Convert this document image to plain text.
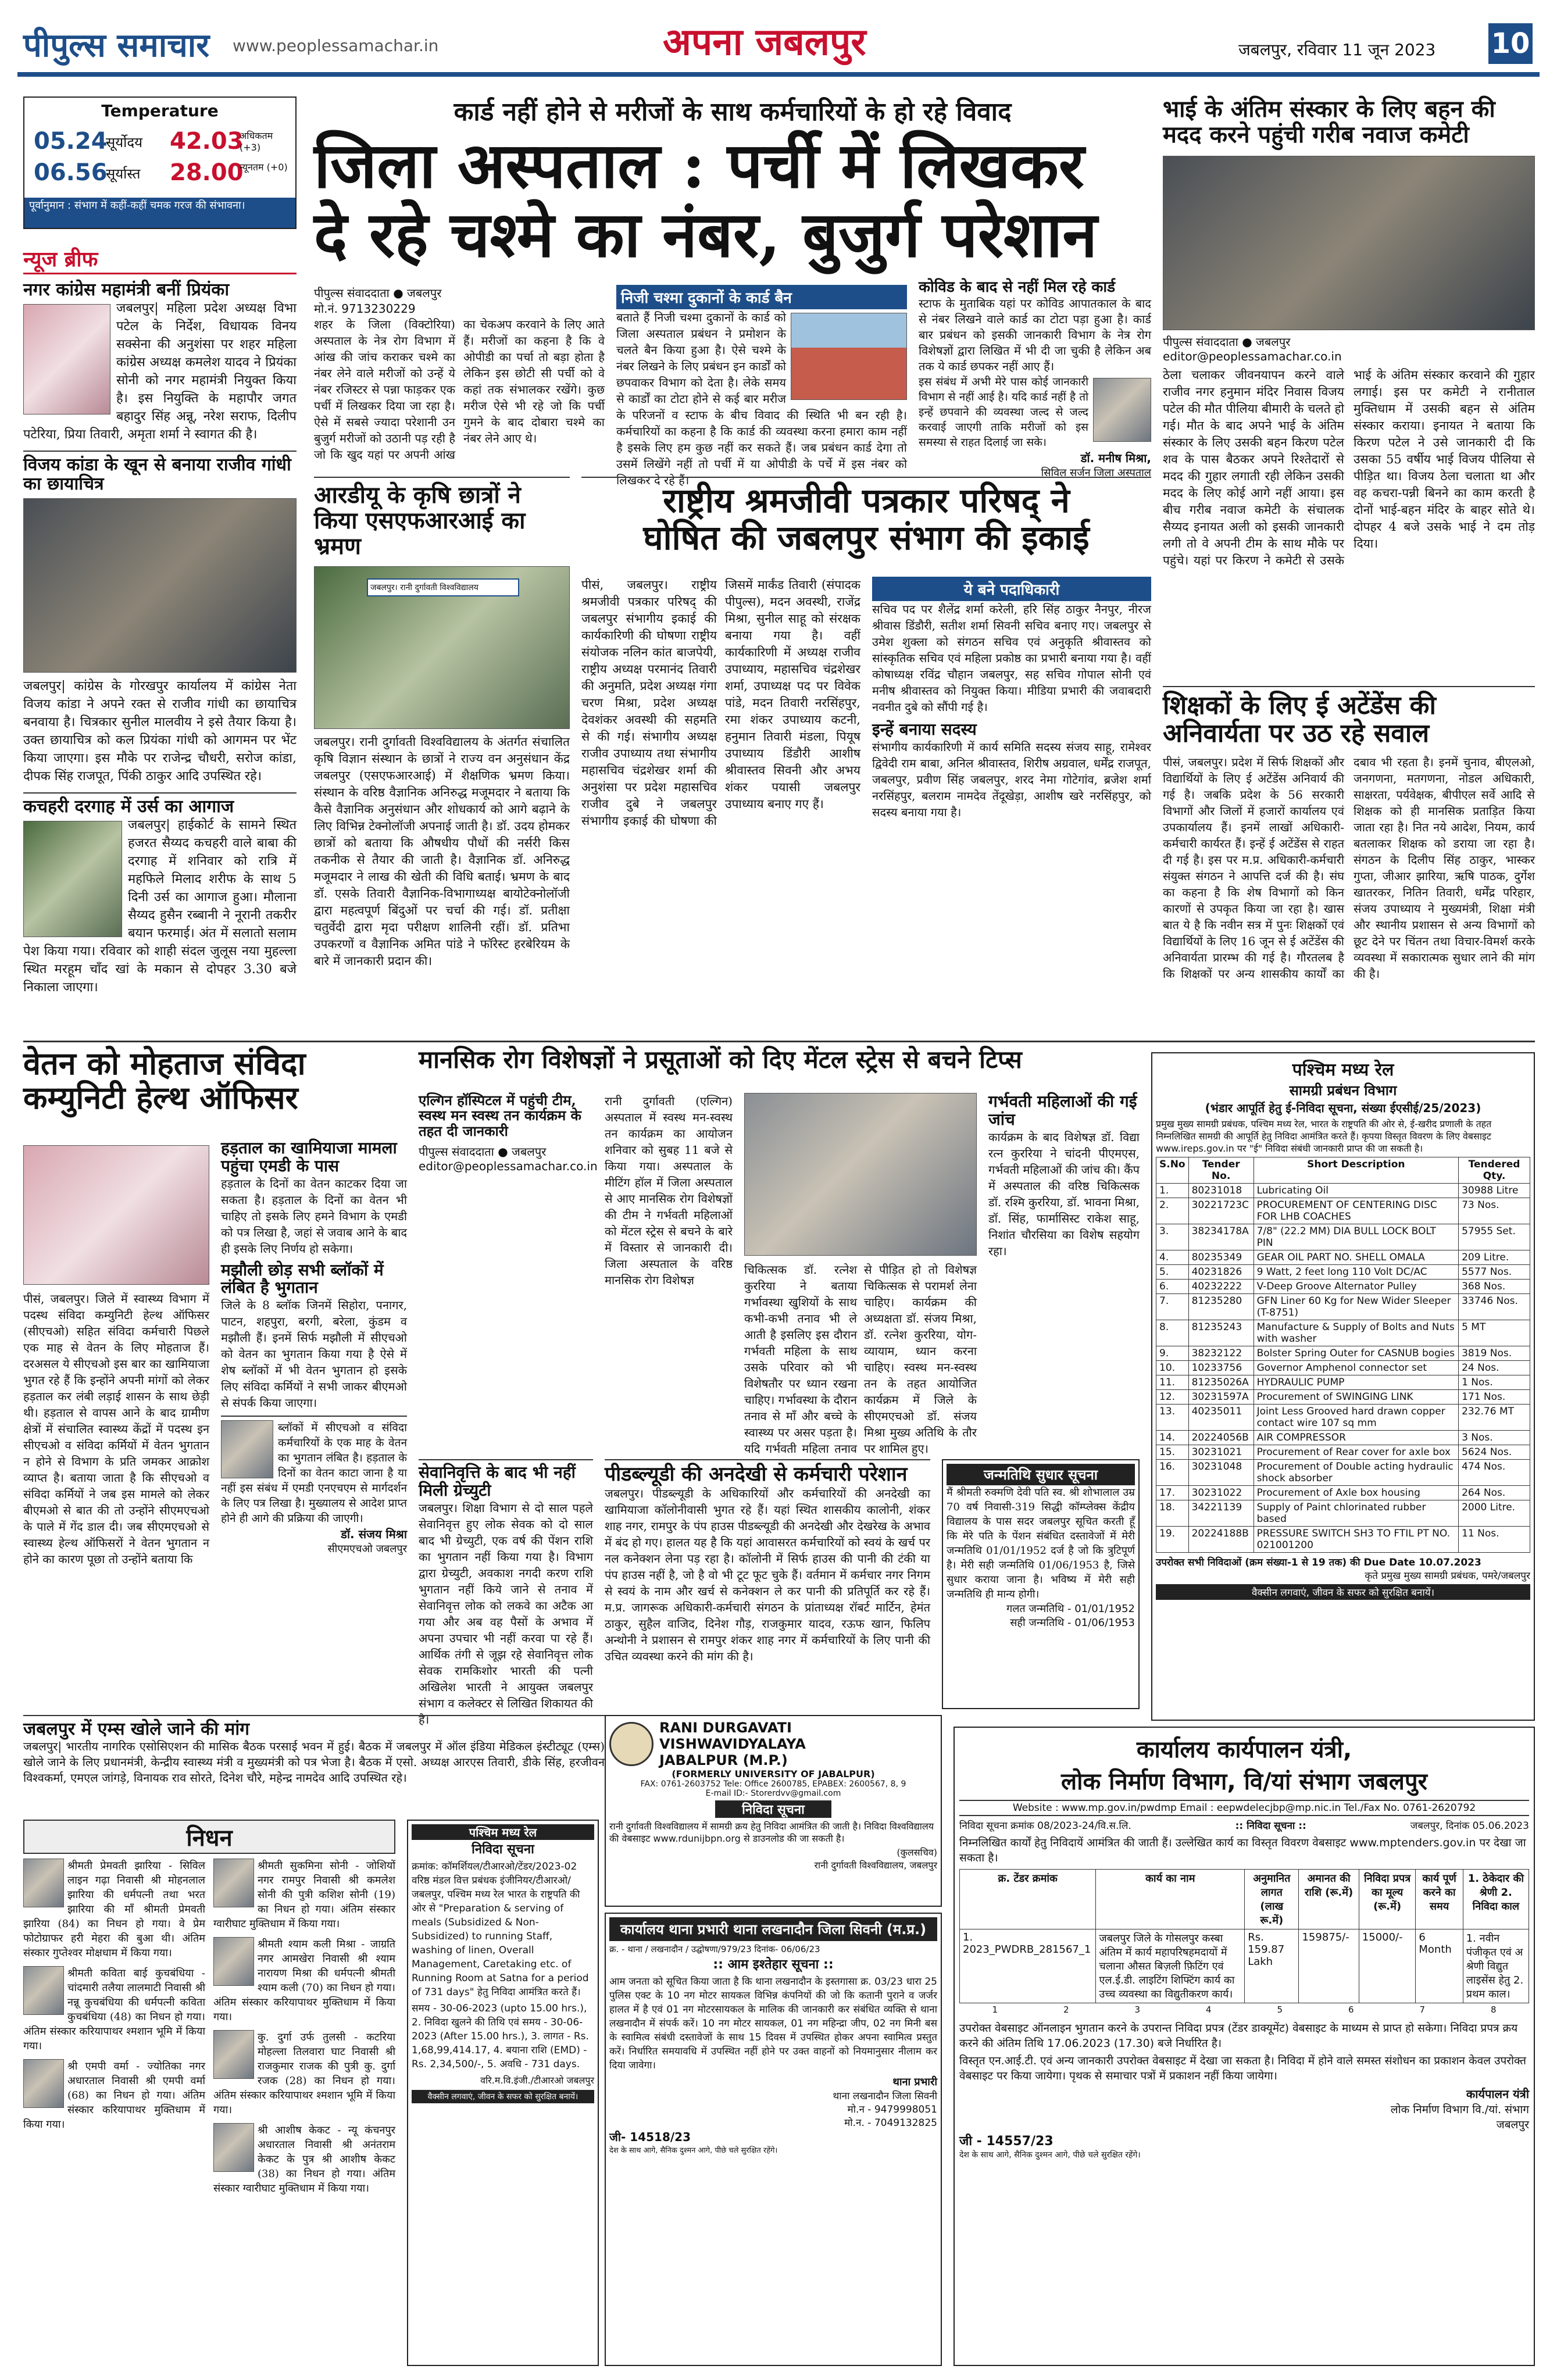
पीपुल्स समाचार www.peoplessamachar.in	अपना जबलपुर	जबलपुर, रविवार 11 जून 2023 10
Temperature
05.24
सूर्योदय
06.56
सूर्यास्त
42.03
अधिकतम (+3)
28.00
न्यूनतम (+0)
पूर्वानुमान : संभाग में कहीं-कहीं चमक गरज की संभावना।
न्यूज ब्रीफ
नगर कांग्रेस महामंत्री बनीं प्रियंका

जबलपुर| महिला प्रदेश अध्यक्ष विभा पटेल के निर्देश, विधायक विनय सक्सेना की अनुशंसा पर शहर महिला कांग्रेस अध्यक्ष कमलेश यादव ने प्रियंका सोनी को नगर महामंत्री नियुक्त किया है। इस नियुक्ति के महापौर जगत बहादुर सिंह अन्नू, नरेश सराफ, दिलीप पटेरिया, प्रिया तिवारी, अमृता शर्मा ने स्वागत की है।

विजय कांडा के खून से बनाया राजीव गांधी का छायाचित्र

जबलपुर| कांग्रेस के गोरखपुर कार्यालय में कांग्रेस नेता विजय कांडा ने अपने रक्त से राजीव गांधी का छायाचित्र बनवाया है। चित्रकार सुनील मालवीय ने इसे तैयार किया है। उक्त छायाचित्र को कल प्रियंका गांधी को आगमन पर भेंट किया जाएगा। इस मौके पर राजेन्द्र चौधरी, सरोज कांडा, दीपक सिंह राजपूत, पिंकी ठाकुर आदि उपस्थित रहे।

कचहरी दरगाह में उर्स का आगाज

जबलपुर| हाईकोर्ट के सामने स्थित हजरत सैय्यद कचहरी वाले बाबा की दरगाह में शनिवार को रात्रि में महफिले मिलाद शरीफ के साथ 5 दिनी उर्स का आगाज हुआ। मौलाना सैय्यद हुसैन रब्बानी ने नूरानी तकरीर बयान फरमाई। अंत में सलातो सलाम पेश किया गया। रविवार को शाही संदल जुलूस नया मुहल्ला स्थित मरहूम चाँद खां के मकान से दोपहर 3.30 बजे निकाला जाएगा।

कार्ड नहीं होने से मरीजों के साथ कर्मचारियों के हो रहे विवाद
जिला अस्पताल : पर्ची में लिखकर
दे रहे चश्मे का नंबर, बुजुर्ग परेशान
पीपुल्स संवाददाता ● जबलपुर
मो.नं. 9713230229

शहर के जिला (विक्टोरिया) अस्पताल के नेत्र रोग विभाग में आंख की जांच कराकर चश्मे का नंबर लेने वाले मरीजों को उन्हें ये नंबर रजिस्टर से पन्ना फाड़कर एक पर्ची में लिखकर दिया जा रहा है। ऐसे में सबसे ज्यादा परेशानी उन बुजुर्ग मरीजों को उठानी पड़ रही है जो कि खुद यहां पर अपनी आंख का चेकअप करवाने के लिए आते हैं। मरीजों का कहना है कि वे ओपीडी का पर्चा तो बड़ा होता है लेकिन इस छोटी सी पर्ची को वे कहां तक संभालकर रखेंगे। कुछ मरीज ऐसे भी रहे जो कि पर्ची गुमने के बाद दोबारा चश्मे का नंबर लेने आए थे।

निजी चश्मा दुकानों के कार्ड बैन

बताते हैं निजी चश्मा दुकानों के कार्ड को जिला अस्पताल प्रबंधन ने प्रमोशन के चलते बैन किया हुआ है। ऐसे चश्मे के नंबर लिखने के लिए प्रबंधन इन कार्डों को छपवाकर विभाग को देता है। लेके समय से कार्डों का टोटा होने से कई बार मरीज के परिजनों व स्टाफ के बीच विवाद की स्थिति भी बन रही है। कर्मचारियों का कहना है कि कार्ड की व्यवस्था करना हमारा काम नहीं है इसके लिए हम कुछ नहीं कर सकते हैं। जब प्रबंधन कार्ड देगा तो उसमें लिखेंगे नहीं तो पर्ची में या ओपीडी के पर्चे में इस नंबर को लिखकर दे रहे हैं।

कोविड के बाद से नहीं मिल रहे कार्ड

स्टाफ के मुताबिक यहां पर कोविड आपातकाल के बाद से नंबर लिखने वाले कार्ड का टोटा पड़ा हुआ है। कार्ड बार प्रबंधन को इसकी जानकारी विभाग के नेत्र रोग विशेषज्ञों द्वारा लिखित में भी दी जा चुकी है लेकिन अब तक ये कार्ड छपकर नहीं आए हैं।

इस संबंध में अभी मेरे पास कोई जानकारी विभाग से नहीं आई है। यदि कार्ड नहीं है तो इन्हें छपवाने की व्यवस्था जल्द से जल्द करवाई जाएगी ताकि मरीजों को इस समस्या से राहत दिलाई जा सके।

डॉ. मनीष मिश्रा,
सिविल सर्जन जिला अस्पताल
भाई के अंतिम संस्कार के लिए बहन की मदद करने पहुंची गरीब नवाज कमेटी
पीपुल्स संवाददाता ● जबलपुर
editor@peoplessamachar.co.in

ठेला चलाकर जीवनयापन करने वाले राजीव नगर हनुमान मंदिर निवास विजय पटेल की मौत पीलिया बीमारी के चलते हो गई। मौत के बाद अपने भाई के अंतिम संस्कार के लिए उसकी बहन किरण पटेल शव के पास बैठकर अपने रिश्तेदारों से मदद की गुहार लगाती रही लेकिन उसकी मदद के लिए कोई आगे नहीं आया। इस बीच गरीब नवाज कमेटी के संचालक सैय्यद इनायत अली को इसकी जानकारी लगी तो वे अपनी टीम के साथ मौके पर पहुंचे। यहां पर किरण ने कमेटी से उसके भाई के अंतिम संस्कार करवाने की गुहार लगाई। इस पर कमेटी ने रानीताल मुक्तिधाम में उसकी बहन से अंतिम संस्कार कराया। इनायत ने बताया कि किरण पटेल ने उसे जानकारी दी कि उसका 55 वर्षीय भाई विजय पीलिया से पीड़ित था। विजय ठेला चलाता था और वह कचरा-पन्नी बिनने का काम करती है दोनों भाई-बहन मंदिर के बाहर सोते थे। दोपहर 4 बजे उसके भाई ने दम तोड़ दिया।

आरडीयू के कृषि छात्रों ने किया एसएफआरआई का भ्रमण
जबलपुर। रानी दुर्गावती विश्वविद्यालय

जबलपुर। रानी दुर्गावती विश्वविद्यालय के अंतर्गत संचालित कृषि विज्ञान संस्थान के छात्रों ने राज्य वन अनुसंधान केंद्र जबलपुर (एसएफआरआई) में शैक्षणिक भ्रमण किया। संस्थान के वरिष्ठ वैज्ञानिक अनिरुद्ध मजूमदार ने बताया कि कैसे वैज्ञानिक अनुसंधान और शोधकार्य को आगे बढ़ाने के लिए विभिन्न टेक्नोलॉजी अपनाई जाती है। डॉ. उदय होमकर छात्रों को बताया कि औषधीय पौधों की नर्सरी किस तकनीक से तैयार की जाती है। वैज्ञानिक डॉ. अनिरुद्ध मजूमदार ने लाख की खेती की विधि बताई। भ्रमण के बाद डॉ. एसके तिवारी वैज्ञानिक-विभागाध्यक्ष बायोटेक्नोलॉजी द्वारा महत्वपूर्ण बिंदुओं पर चर्चा की गई। डॉ. प्रतीक्षा चतुर्वेदी द्वारा मृदा परीक्षण शालिनी रहीं। डॉ. प्रतिभा उपकरणों व वैज्ञानिक अमित पांडे ने फॉरेस्ट हरबेरियम के बारे में जानकारी प्रदान की।

राष्ट्रीय श्रमजीवी पत्रकार परिषद् ने
घोषित की जबलपुर संभाग की इकाई

पीसं, जबलपुर। राष्ट्रीय श्रमजीवी पत्रकार परिषद् की जबलपुर संभागीय इकाई की कार्यकारिणी की घोषणा राष्ट्रीय संयोजक नलिन कांत बाजपेयी, राष्ट्रीय अध्यक्ष परमानंद तिवारी की अनुमति, प्रदेश अध्यक्ष गंगा चरण मिश्रा, प्रदेश अध्यक्ष देवशंकर अवस्थी की सहमति से की गई। संभागीय अध्यक्ष राजीव उपाध्याय तथा संभागीय महासचिव चंद्रशेखर शर्मा की अनुशंसा पर प्रदेश महासचिव राजीव दुबे ने जबलपुर संभागीय इकाई की घोषणा की जिसमें मार्कंड तिवारी (संपादक पीपुल्स), मदन अवस्थी, राजेंद्र मिश्रा, सुनील साहू को संरक्षक बनाया गया है। वहीं कार्यकारिणी में अध्यक्ष राजीव उपाध्याय, महासचिव चंद्रशेखर शर्मा, उपाध्यक्ष पद पर विवेक पांडे, मदन तिवारी नरसिंहपुर, रमा शंकर उपाध्याय कटनी, हनुमान तिवारी मंडला, पियूष उपाध्याय डिंडौरी आशीष श्रीवास्तव सिवनी और अभय शंकर पयासी जबलपुर उपाध्याय बनाए गए हैं।

ये बने पदाधिकारी

सचिव पद पर शैलेंद्र शर्मा करेली, हरि सिंह ठाकुर नैनपुर, नीरज श्रीवास डिंडौरी, सतीश शर्मा सिवनी सचिव बनाए गए। जबलपुर से उमेश शुक्ला को संगठन सचिव एवं अनुकृति श्रीवास्तव को सांस्कृतिक सचिव एवं महिला प्रकोष्ठ का प्रभारी बनाया गया है। वहीं कोषाध्यक्ष रविंद्र चौहान जबलपुर, सह सचिव गोपाल सोनी एवं मनीष श्रीवास्तव को नियुक्त किया। मीडिया प्रभारी की जवाबदारी नवनीत दुबे को सौंपी गई है।

इन्हें बनाया सदस्य

संभागीय कार्यकारिणी में कार्य समिति सदस्य संजय साहू, रामेश्वर द्विवेदी राम बाबा, अनिल श्रीवास्तव, शिरीष अग्रवाल, धर्मेंद्र राजपूत, जबलपुर, प्रवीण सिंह जबलपुर, शरद नेमा गोटेगांव, ब्रजेश शर्मा नरसिंहपुर, बलराम नामदेव तेंदूखेड़ा, आशीष खरे नरसिंहपुर, को सदस्य बनाया गया है।

शिक्षकों के लिए ई अटेंडेंस की अनिवार्यता पर उठ रहे सवाल

पीसं, जबलपुर। प्रदेश में सिर्फ शिक्षकों और विद्यार्थियों के लिए ई अटेंडेंस अनिवार्य की गई है। जबकि प्रदेश के 56 सरकारी विभागों और जिलों में हजारों कार्यालय एवं उपकार्यालय हैं। इनमें लाखों अधिकारी-कर्मचारी कार्यरत हैं। इन्हें ई अटेंडेंस से राहत दी गई है। इस पर म.प्र. अधिकारी-कर्मचारी संयुक्त संगठन ने आपत्ति दर्ज की है। संघ का कहना है कि शेष विभागों को किन कारणों से उपकृत किया जा रहा है। खास बात ये है कि नवीन सत्र में पुनः शिक्षकों एवं विद्यार्थियों के लिए 16 जून से ई अटेंडेंस की अनिवार्यता प्रारम्भ की गई है। गौरतलब है कि शिक्षकों पर अन्य शासकीय कार्यों का दबाव भी रहता है। इनमें चुनाव, बीएलओ, जनगणना, मतगणना, नोडल अधिकारी, साक्षरता, पर्यवेक्षक, बीपीएल सर्वे आदि से शिक्षक को ही मानसिक प्रताड़ित किया जाता रहा है। नित नये आदेश, नियम, कार्य बतलाकर शिक्षक को डराया जा रहा है। संगठन के दिलीप सिंह ठाकुर, भास्कर गुप्ता, जीआर झारिया, ऋषि पाठक, दुर्गेश खातरकर, नितिन तिवारी, धर्मेंद्र परिहार, संजय उपाध्याय ने मुख्यमंत्री, शिक्षा मंत्री और स्थानीय प्रशासन से अन्य विभागों को छूट देने पर चिंतन तथा विचार-विमर्श करके व्यवस्था में सकारात्मक सुधार लाने की मांग की है।

वेतन को मोहताज संविदा कम्युनिटी हेल्थ ऑफिसर
हड़ताल का खामियाजा मामला पहुंचा एमडी के पास

हड़ताल के दिनों का वेतन काटकर दिया जा सकता है। हड़ताल के दिनों का वेतन भी चाहिए तो इसके लिए हमने विभाग के एमडी को पत्र लिखा है, जहां से जवाब आने के बाद ही इसके लिए निर्णय हो सकेगा।

मझौली छोड़ सभी ब्लॉकों में लंबित है भुगतान

जिले के 8 ब्लॉक जिनमें सिहोरा, पनागर, पाटन, शहपुरा, बरगी, बरेला, कुंडम व मझौली हैं। इनमें सिर्फ मझौली में सीएचओ को वेतन का भुगतान किया गया है ऐसे में शेष ब्लॉकों में भी वेतन भुगतान हो इसके लिए संविदा कर्मियों ने सभी जाकर बीएमओ से संपर्क किया जाएगा।

ब्लॉकों में सीएचओ व संविदा कर्मचारियों के एक माह के वेतन का भुगतान लंबित है। हड़ताल के दिनों का वेतन काटा जाना है या नहीं इस संबंध में एमडी एनएचएम से मार्गदर्शन के लिए पत्र लिखा है। मुख्यालय से आदेश प्राप्त होने ही आगे की प्रक्रिया की जाएगी।

डॉ. संजय मिश्रा
सीएमएचओ जबलपुर

पीसं, जबलपुर। जिले में स्वास्थ्य विभाग में पदस्थ संविदा कम्युनिटी हेल्थ ऑफिसर (सीएचओ) सहित संविदा कर्मचारी पिछले एक माह से वेतन के लिए मोहताज हैं। दरअसल ये सीएचओ इस बार का खामियाजा भुगत रहे हैं कि इन्होंने अपनी मांगों को लेकर हड़ताल कर लंबी लड़ाई शासन के साथ छेड़ी थी। हड़ताल से वापस आने के बाद ग्रामीण क्षेत्रों में संचालित स्वास्थ्य केंद्रों में पदस्थ इन सीएचओ व संविदा कर्मियों में वेतन भुगतान न होने से विभाग के प्रति जमकर आक्रोश व्याप्त है। बताया जाता है कि सीएचओ व संविदा कर्मियों ने जब इस मामले को लेकर बीएमओ से बात की तो उन्होंने सीएमएचओ के पाले में गेंद डाल दी। जब सीएमएचओ से स्वास्थ्य हेल्थ ऑफिसरों ने वेतन भुगतान न होने का कारण पूछा तो उन्होंने बताया कि

मानसिक रोग विशेषज्ञों ने प्रसूताओं को दिए मेंटल स्ट्रेस से बचने टिप्स
एल्गिन हॉस्पिटल में पहुंची टीम, स्वस्थ मन स्वस्थ तन कार्यक्रम के तहत दी जानकारी
पीपुल्स संवाददाता ● जबलपुर
editor@peoplessamachar.co.in

रानी दुर्गावती (एल्गिन) अस्पताल में स्वस्थ मन-स्वस्थ तन कार्यक्रम का आयोजन शनिवार को सुबह 11 बजे से किया गया। अस्पताल के मीटिंग हॉल में जिला अस्पताल से आए मानसिक रोग विशेषज्ञों की टीम ने गर्भवती महिलाओं को मेंटल स्ट्रेस से बचने के बारे में विस्तार से जानकारी दी। जिला अस्पताल के वरिष्ठ मानसिक रोग विशेषज्ञ

चिकित्सक डॉ. रत्नेश कुररिया ने बताया गर्भावस्था खुशियों के साथ कभी-कभी तनाव भी ले आती है इसलिए इस दौरान गर्भवती महिला के साथ उसके परिवार को भी विशेषतौर पर ध्यान रखना चाहिए। गर्भावस्था के दौरान तनाव से माँ और बच्चे के स्वास्थ्य पर असर पड़ता है। यदि गर्भवती महिला तनाव से पीड़ित हो तो विशेषज्ञ चिकित्सक से परामर्श लेना चाहिए। कार्यक्रम की अध्यक्षता डॉ. संजय मिश्रा, डॉ. रत्नेश कुररिया, योग-व्यायाम, ध्यान करना चाहिए। स्वस्थ मन-स्वस्थ तन के तहत आयोजित कार्यक्रम में जिले के सीएमएचओ डॉ. संजय मिश्रा मुख्य अतिथि के तौर पर शामिल हुए।

गर्भवती महिलाओं की गई जांच

कार्यक्रम के बाद विशेषज्ञ डॉ. विद्या रत्न कुररिया ने चांदनी पीएमएस, गर्भवती महिलाओं की जांच की। कैंप में अस्पताल की वरिष्ठ चिकित्सक डॉ. रश्मि कुररिया, डॉ. भावना मिश्रा, डॉ. सिंह, फार्मासिस्ट राकेश साहू, निशांत चौरसिया का विशेष सहयोग रहा।

सेवानिवृत्ति के बाद भी नहीं मिली ग्रेच्युटी

जबलपुर। शिक्षा विभाग से दो साल पहले सेवानिवृत्त हुए लोक सेवक को दो साल बाद भी ग्रेच्युटी, एक वर्ष की पेंशन राशि का भुगतान नहीं किया गया है। विभाग द्वारा ग्रेच्युटी, अवकाश नगदी करण राशि भुगतान नहीं किये जाने से तनाव में सेवानिवृत्त लोक को लकवे का अटैक आ गया और अब वह पैसों के अभाव में अपना उपचार भी नहीं करवा पा रहे हैं। आर्थिक तंगी से जूझ रहे सेवानिवृत्त लोक सेवक रामकिशोर भारती की पत्नी अखिलेश भारती ने आयुक्त जबलपुर संभाग व कलेक्टर से लिखित शिकायत की है।

पीडब्ल्यूडी की अनदेखी से कर्मचारी परेशान

जबलपुर। पीडब्ल्यूडी के अधिकारियों और कर्मचारियों की अनदेखी का खामियाजा कॉलोनीवासी भुगत रहे हैं। यहां स्थित शासकीय कालोनी, शंकर शाह नगर, रामपुर के पंप हाउस पीडब्ल्यूडी की अनदेखी और देखरेख के अभाव में बंद हो गए। हालत यह है कि यहां आवासरत कर्मचारियों को स्वयं के खर्च पर नल कनेक्शन लेना पड़ रहा है। कॉलोनी में सिर्फ हाउस की पानी की टंकी या पंप हाउस नहीं है, जो है वो भी टूट फूट चुके हैं। वर्तमान में कर्मचार नगर निगम से स्वयं के नाम और खर्च से कनेक्शन ले कर पानी की प्रतिपूर्ति कर रहे हैं। म.प्र. जागरूक अधिकारी-कर्मचारी संगठन के प्रांताध्यक्ष रॉबर्ट मार्टिन, हेमंत ठाकुर, सुहैल वाजिद, दिनेश गौड़, राजकुमार यादव, रऊफ खान, फिलिप अन्थोनी ने प्रशासन से रामपुर शंकर शाह नगर में कर्मचारियों के लिए पानी की उचित व्यवस्था करने की मांग की है।

जन्मतिथि सुधार सूचना

मैं श्रीमती रुक्मणि देवी पति स्व. श्री शोभालाल उम्र 70 वर्ष निवासी-319 सिद्धी कॉम्प्लेक्स केंद्रीय विद्यालय के पास सदर जबलपुर सूचित करती हूँ कि मेरे पति के पेंशन संबंधित दस्तावेजों में मेरी जन्मतिथि 01/01/1952 दर्ज है जो कि त्रुटिपूर्ण है। मेरी सही जन्मतिथि 01/06/1953 है, जिसे सुधार कराया जाना है। भविष्य में मेरी सही जन्मतिथि ही मान्य होगी।

गलत जन्मतिथि - 01/01/1952
सही जन्मतिथि - 01/06/1953
पश्चिम मध्य रेल
सामग्री प्रबंधन विभाग
(भंडार आपूर्ति हेतु ई-निविदा सूचना, संख्या ईएसीई/25/2023)

प्रमुख मुख्य सामग्री प्रबंधक, पश्चिम मध्य रेल, भारत के राष्ट्रपति की ओर से, ई-खरीद प्रणाली के तहत निम्नलिखित सामग्री की आपूर्ति हेतु निविदा आमंत्रित करते हैं। कृपया विस्तृत विवरण के लिए वेबसाइट www.ireps.gov.in पर "ई" निविदा संबंधी जानकारी प्राप्त की जा सकती है।

S.No	Tender No.	Short Description	Tendered Qty.
1.	80231018	Lubricating Oil	30988 Litre
2.	30221723C	PROCUREMENT OF CENTERING DISC FOR LHB COACHES	73 Nos.
3.	38234178A	7/8" (22.2 MM) DIA BULL LOCK BOLT PIN	57955 Set.
4.	80235349	GEAR OIL PART NO. SHELL OMALA	209 Litre.
5.	40231826	9 Watt, 2 feet long 110 Volt DC/AC	5577 Nos.
6.	40232222	V-Deep Groove Alternator Pulley	368 Nos.
7.	81235280	GFN Liner 60 Kg for New Wider Sleeper (T-8751)	33746 Nos.
8.	81235243	Manufacture & Supply of Bolts and Nuts with washer	5 MT
9.	38232122	Bolster Spring Outer for CASNUB bogies	3819 Nos.
10.	10233756	Governor Amphenol connector set	24 Nos.
11.	81235026A	HYDRAULIC PUMP	1 Nos.
12.	30231597A	Procurement of SWINGING LINK	171 Nos.
13.	40235011	Joint Less Grooved hard drawn copper contact wire 107 sq mm	232.76 MT
14.	20224056B	AIR COMPRESSOR	3 Nos.
15.	30231021	Procurement of Rear cover for axle box	5624 Nos.
16.	30231048	Procurement of Double acting hydraulic shock absorber	474 Nos.
17.	30231022	Procurement of Axle box housing	264 Nos.
18.	34221139	Supply of Paint chlorinated rubber based	2000 Litre.
19.	20224188B	PRESSURE SWITCH SH3 TO FTIL PT NO. 021001200	11 Nos.
उपरोक्त सभी निविदाओं (क्रम संख्या-1 से 19 तक) की Due Date 10.07.2023
कृते प्रमुख मुख्य सामग्री प्रबंधक, पमरे/जबलपुर
वैक्सीन लगवाएं, जीवन के सफर को सुरक्षित बनायें।
जबलपुर में एम्स खोले जाने की मांग

जबलपुर| भारतीय नागरिक एसोसिएशन की मासिक बैठक परसाई भवन में हुई। बैठक में जबलपुर में ऑल इंडिया मेडिकल इंस्टीट्यूट (एम्स) खोले जाने के लिए प्रधानमंत्री, केन्द्रीय स्वास्थ्य मंत्री व मुख्यमंत्री को पत्र भेजा है। बैठक में एसो. अध्यक्ष आरएस तिवारी, डीके सिंह, हरजीवन विश्वकर्मा, एमएल जांगड़े, विनायक राव सोरते, दिनेश चौरे, महेन्द्र नामदेव आदि उपस्थित रहे।

RANI DURGAVATI VISHWAVIDYALAYA
JABALPUR (M.P.)
(FORMERLY UNIVERSITY OF JABALPUR)
FAX: 0761-2603752 Tele: Office 2600785, EPABEX: 2600567, 8, 9
E-mail ID:- Storerdvv@gmail.com
निविदा सूचना

रानी दुर्गावती विश्वविद्यालय में सामग्री क्रय हेतु निविदा आमंत्रित की जाती है। निविदा विश्वविद्यालय की वेबसाइट www.rdunijbpn.org से डाउनलोड की जा सकती है।

(कुलसचिव)
रानी दुर्गावती विश्वविद्यालय, जबलपुर
निधन

श्रीमती प्रेमवती झारिया - सिविल लाइन गढ़ा निवासी श्री मोहनलाल झारिया की धर्मपत्नी तथा भरत झारिया की माँ श्रीमती प्रेमवती झारिया (84) का निधन हो गया। वे प्रेम फोटोग्राफर हरी मेहरा की बुआ थी। अंतिम संस्कार गुप्तेश्वर मोक्षधाम में किया गया।

श्रीमती कविता बाई कुचबंधिया - चांदमारी तलैया लालमाटी निवासी श्री नन्नू कुचबंधिया की धर्मपत्नी कविता कुचबंधिया (48) का निधन हो गया। अंतिम संस्कार करियापाथर श्मशान भूमि में किया गया।

श्री एमपी वर्मा - ज्योतिका नगर अधारताल निवासी श्री एमपी वर्मा (68) का निधन हो गया। अंतिम संस्कार करियापाथर मुक्तिधाम में किया गया।

श्रीमती सुकमिना सोनी - जोशियों नगर रामपुर निवासी श्री कमलेश सोनी की पुत्री कशिश सोनी (19) का निधन हो गया। अंतिम संस्कार ग्वारीघाट मुक्तिधाम में किया गया।

श्रीमती श्याम कली मिश्रा - जाग्रति नगर आमखेरा निवासी श्री श्याम नारायण मिश्रा की धर्मपत्नी श्रीमती श्याम कली (70) का निधन हो गया। अंतिम संस्कार करियापाथर मुक्तिधाम में किया गया।

कु. दुर्गा उर्फ तुलसी - कटरिया मोहल्ला तिलवारा घाट निवासी श्री राजकुमार राजक की पुत्री कु. दुर्गा रजक (28) का निधन हो गया। अंतिम संस्कार करियापाथर श्मशान भूमि में किया गया।

श्री आशीष केकट - न्यू कंचनपुर अधारताल निवासी श्री अनंतराम केकट के पुत्र श्री आशीष केकट (38) का निधन हो गया। अंतिम संस्कार ग्वारीघाट मुक्तिधाम में किया गया।

पश्चिम मध्य रेल
निविदा सूचना

क्रमांक: कॉमर्शियल/टीआरओ/टेंडर/2023-02 वरिष्ठ मंडल वित्त प्रबंधक इंजीनियर/टीआरओ/जबलपुर, पश्चिम मध्य रेल भारत के राष्ट्रपति की ओर से "Preparation & serving of meals (Subsidized & Non-Subsidized) to running Staff, washing of linen, Overall Management, Caretaking etc. of Running Room at Satna for a period of 731 days" हेतु निविदा आमंत्रित करते हैं।

समय - 30-06-2023 (upto 15.00 hrs.), 2. निविदा खुलने की तिथि एवं समय - 30-06-2023 (After 15.00 hrs.), 3. लागत - Rs. 1,68,99,414.17, 4. बयाना राशि (EMD) - Rs. 2,34,500/-, 5. अवधि - 731 days.

वरि.म.वि.इंजी./टीआरओ जबलपुर
वैक्सीन लगवाएं, जीवन के सफर को सुरक्षित बनायें।
कार्यालय थाना प्रभारी थाना लखनादौन जिला सिवनी (म.प्र.)
क्र. - थाना / लखनादौन / उद्घोषणा/979/23 दिनांक- 06/06/23
:: आम इश्तेहार सूचना ::

आम जनता को सूचित किया जाता है कि थाना लखनादौन के इस्तगासा क्र. 03/23 धारा 25 पुलिस एक्ट के 10 नग मोटर सायकल विभिन्न कंपनियों की जो कि कतानी पुराने व जर्जर हालत में है एवं 01 नग मोटरसायकल के मालिक की जानकारी कर संबंधित व्यक्ति से थाना लखनादौन में संपर्क करें। 10 नग मोटर सायकल, 01 नग महिन्द्रा जीप, 02 नग मिनी बस के स्वामित्व संबंधी दस्तावेजों के साथ 15 दिवस में उपस्थित होकर अपना स्वामित्व प्रस्तुत करें। निर्धारित समयावधि में उपस्थित नहीं होने पर उक्त वाहनों को नियमानुसार नीलाम कर दिया जावेगा।

थाना प्रभारी
थाना लखनादौन जिला सिवनी
मो.न - 9479998051
मो.न. - 7049132825
जी- 14518/23
देश के साथ आगे, सैनिक दुश्मन आगे, पीछे चले सुरक्षित रहेंगे।
कार्यालय कार्यपालन यंत्री,
लोक निर्माण विभाग, वि/यां संभाग जबलपुर
Website : www.mp.gov.in/pwdmp Email : eepwdelecjbp@mp.nic.in Tel./Fax No. 0761-2620792
निविदा सूचना क्रमांक 08/2023-24/वि.स.लि.	:: निविदा सूचना ::	जबलपुर, दिनांक 05.06.2023

निम्नलिखित कार्यों हेतु निविदायें आमंत्रित की जाती हैं। उल्लेखित कार्य का विस्तृत विवरण वेबसाइट www.mptenders.gov.in पर देखा जा सकता है।

क्र. टेंडर क्रमांक	कार्य का नाम	अनुमानित लागत (लाख रू.में)	अमानत की राशि (रू.में)	निविदा प्रपत्र का मूल्य (रू.में)	कार्य पूर्ण करने का समय	1. ठेकेदार की श्रेणी 2. निविदा काल
1. 2023_PWDRB_281567_1	जबलपुर जिले के गोसलपुर कस्बा अंतिम में कार्य महापरिषहमदायों में चलाना औसत बिज़ली फ़िटिंग एवं एल.ई.डी. लाइटिंग शिफ्टिंग कार्य का उच्च व्यवस्था का विद्युतीकरण कार्य।	Rs. 159.87 Lakh	159875/-	15000/-	6 Month	1. नवीन पंजीकृत एवं अ श्रेणी विद्युत लाइसेंस हेतु 2. प्रथम काल।
1	2	3	4	5	6	7	8

उपरोक्त वेबसाइट ऑनलाइन भुगतान करने के उपरान्त निविदा प्रपत्र (टेंडर डाक्यूमेंट) वेबसाइट के माध्यम से प्राप्त हो सकेगा। निविदा प्रपत्र क्रय करने की अंतिम तिथि 17.06.2023 (17.30) बजे निर्धारित है।

विस्तृत एन.आई.टी. एवं अन्य जानकारी उपरोक्त वेबसाइट में देखा जा सकता है। निविदा में होने वाले समस्त संशोधन का प्रकाशन केवल उपरोक्त वेबसाइट पर किया जायेगा। पृथक से समाचार पत्रों में प्रकाशन नहीं किया जायेगा।

कार्यपालन यंत्री
लोक निर्माण विभाग वि./यां. संभाग
जबलपुर
जी - 14557/23
देश के साथ आगे, सैनिक दुश्मन आगे, पीछे चले सुरक्षित रहेंगे।
